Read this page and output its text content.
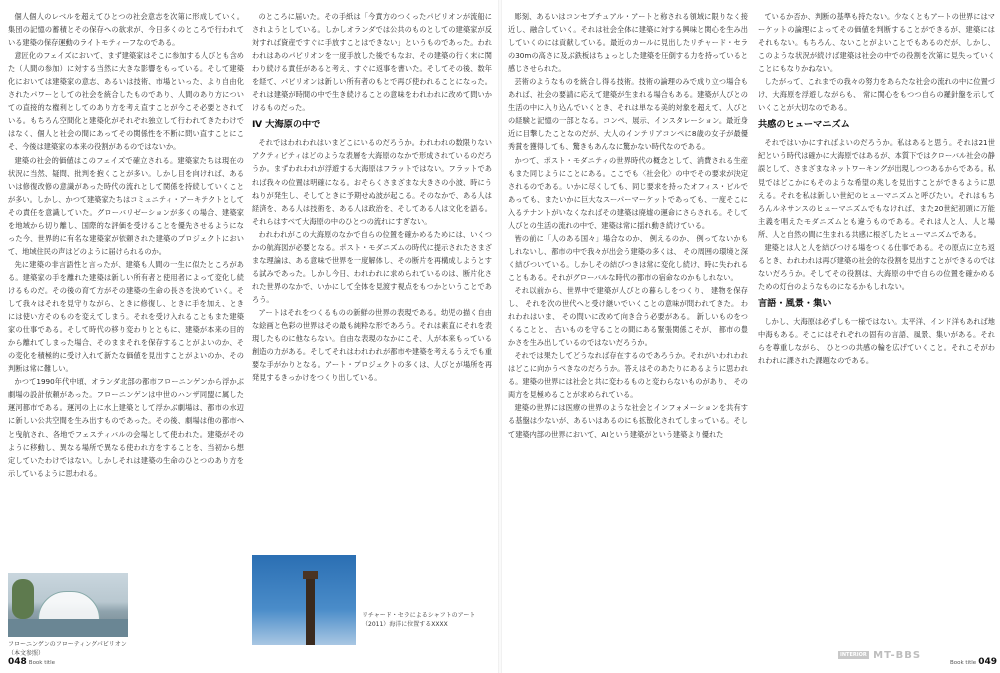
個人個人のレベルを超えてひとつの社会意志を次第に形成していく。集団の記憶の蓄積とその保存への欲求が、今日多くのところで行われている建築の保存運動のライトモティーフなのである。

意匠化のフェイズにおいて、まず建築家はそこに参加する人びとも含めた（人間の参加）に対する当然に大きな影響をもっている。そして建築化においては建築家の意志、あるいは技術、市場といった、より自由化されたパワーとしての社会を統合したものであり、人間のあり方についての直接的な権利としてのあり方を考え直すことが今こそ必要とされている。もちろん空間化と建築化がそれぞれ独立して行われてきたわけではなく、個人と社会の間にあってその関係性を不断に問い直すことにこそ、今後は建築家の本来の役割があるのではないか。

建築の社会的価値はこのフェイズで確立される。建築家たちは現在の状況に当然、疑問、批判を抱くことが多い。しかし目を向ければ、あるいは修復改修の意識があった時代の流れとして関係を持続していくことが多い。しかし、かつて建築家たちはコミュニティ・アーキテクトとしてその責任を意識していた。グローバリゼーションが多くの場合、建築家を地域から切り離し、国際的な評価を受けることを優先させるようになった今、世界的に有名な建築家が依頼された建築のプロジェクトにおいて、地域住民の声はどのように届けられるのか。

先に建築の非言語性と言ったが、建築も人間の一生に似たところがある。建築家の手を離れた建築は新しい所有者と使用者によって変化し続けるものだ。その後の育て方がその建築の生命の長さを決めていく。そして我々はそれを見守りながら、ときに修復し、ときに手を加え、ときには使い方そのものを変えてしまう。それを受け入れることもまた建築家の仕事である。そして時代の移り変わりとともに、建築が本来の目的から離れてしまった場合、そのままそれを保存することがよいのか、その変化を積極的に受け入れて新たな価値を見出すことがよいのか、その判断は常に難しい。

かつて1990年代中頃、オランダ北部の都市フローニンゲンから浮かぶ劇場の設計依頼があった。フローニンゲンは中世のハンザ同盟に属した運河都市である。運河の上に水上建築として浮かぶ劇場は、都市の水辺に新しい公共空間を生み出すものであった。その後、劇場は他の都市へと曳航され、各地でフェスティバルの会場として使われた。建築がそのように移動し、異なる場所で異なる使われ方をすることを、当初から想定していたわけではない。しかしそれは建築の生命のひとつのあり方を示しているように思われる。

のところに届いた。その手紙は「今責方のつくったパビリオンが流船にされようとしている。しかしオランダでは公共のものとしての建築家が反対すれば資産ですぐに手放すことはできない」というものであった。われわれはあのパビリオンを一度手放した後でもなお、その建築の行く末に関わり続ける責任があると考え、すぐに返事を書いた。そしてその後、数年を経て、パビリオンは新しい所有者のもとで再び使われることになった。それは建築が時間の中で生き続けることの意味をわれわれに改めて問いかけるものだった。

Ⅳ 大海原の中で

それではわれわれはいまどこにいるのだろうか。われわれの数限りないアクティビティはどのような表層を大海原のなかで形成されているのだろうか。まずわれわれが浮遊する大海原はフラットではない。フラットであれば我々の位置は明確になる。おそらくさまざまな大きさの小波、時にうねりが発生し、そしてときに予期せぬ波が起こる。そのなかで、ある人は経済を、ある人は技術を、ある人は政治を、そしてある人は文化を語る。それらはすべて大海原の中のひとつの流れにすぎない。

われわれがこの大海原のなかで自らの位置を確かめるためには、いくつかの航海図が必要となる。ポスト・モダニズムの時代に提示されたさまざまな理論は、ある意味で世界を一度解体し、その断片を再構成しようとする試みであった。しかし今日、われわれに求められているのは、断片化された世界のなかで、いかにして全体を見渡す視点をもつかということであろう。

アートはそれをつくるものの新鮮の世界の表現である。幼児の描く自由な絵画と色彩の世界はその最も純粋な形であろう。それは素直にそれを表現したものに他ならない。自由な表現のなかにこそ、人が本来もっている創造の力がある。そしてそれはわれわれが都市や建築を考えるうえでも重要な手がかりとなる。アート・プロジェクトの多くは、人びとが場所を再発見するきっかけをつくり出している。

フローニンゲンのフローティングパビリオン（本文参照）
リチャード・セラによるシャフトのアート（2011）海洋に位置するXXXX
048 Book title

彫刻、あるいはコンセプチュアル・アートと称される領域に限りなく接近し、融合していく。それは社会全体に建築に対する興味と関心を生み出していくのには貢献している。最近のカールに見出したリチャード・セラの30mの高さに及ぶ鉄板はちょっとした建築を圧倒する力を持っていると感じさせられた。

芸術のようなものを統合し得る技術。技術の論理のみで成り立つ場合もあれば、社会の要請に応えて建築が生まれる場合もある。建築が人びとの生活の中に入り込んでいくとき、それは単なる美的対象を超えて、人びとの経験と記憶の一部となる。コンペ、展示、インスタレーション。最近身近に目撃したことなのだが、大人のインテリアコンペに8歳の女子が最優秀賞を獲得しても、驚きもあんなに驚かない時代なのである。

かつて、ポスト・モダニティの世界時代の概念として、消費される生産もまた同じようにことにある。ここでも〈社会化〉の中でその要求が決定されるのである。いかに尽くしても、同じ要求を持ったオフィス・ビルであっても、またいかに巨大なスーパーマーケットであっても、一度そこに入るテナントがいなくなればその建築は廃墟の運命にさらされる。そして人びとの生活の流れの中で、建築は常に揺れ動き続けている。

皆の前に「人のある国々」場合なのか、 例えるのか、 例ってないかもしれないし、都市の中で我々が出会う建築の多くは、 その周囲の環境と深く結びついている。しかしその結びつきは常に変化し続け、時に失われることもある。それがグローバルな時代の都市の宿命なのかもしれない。

それ以前から、世界中で建築が人びとの暮らしをつくり、 建物を保存し、 それを次の世代へと受け継いでいくことの意味が問われてきた。 われわれはいま、 その問いに改めて向き合う必要がある。 新しいものをつくることと、 古いものを守ることの間にある緊張関係こそが、 都市の豊かさを生み出しているのではないだろうか。

それでは果たしてどうなれば存在するのであろうか。それがいわれわれはどこに向かうべきなのだろうか。答えはそのあたりにあるように思われる。建築の世界には社会と共に変わるものと変わらないものがあり、 その両方を見極めることが求められている。

建築の世界には医療の世界のような社会とインフォメーションを共有する基盤は少ないが、あるいはあるのにも拡散化されてしまっている。そして建築内部の世界において、AIという建築がという建築より優れた

ているか否か、判断の基準も持たない。少なくともアートの世界にはマーケットの論理によってその価値を判断することができるが、建築には それもない。もちろん、ないことがよいことでもあるのだが、しかし、このような状況が続けば建築は社会の中での役割を次第に見失っていくことにもなりかねない。

したがって、これまでの我々の努力をあらたな社会の流れの中に位置づけ、大海原を浮遊しながらも、 常に関心をもつつ自らの羅針盤を示していくことが大切なのである。

共感のヒューマニズム

それではいかにすればよいのだろうか。私はあると思う。それは21世紀という時代は確かに大海原ではあるが、本質下ではクローバル社会の静誤として、さまざまなネットワーキングが出現しつつあるからである。私見ではどこかにもそのような希望の兆しを見出すことができるように思える。それを私は新しい世紀のヒューマニズムと呼びたい。それはもちろんルネサンスのヒューマニズムでもなければ、また20世紀初頭に万能主義を唱えたモダニズムとも違うものである。それは人と人、人と場所、人と自然の間に生まれる共感に根ざしたヒューマニズムである。

建築とは人と人を結びつける場をつくる仕事である。その原点に立ち返るとき、われわれは再び建築の社会的な役割を見出すことができるのではないだろうか。そしてその役割は、大海原の中で自らの位置を確かめるための灯台のようなものになるかもしれない。

言語・風景・集い

しかし、大海原は必ずしも一様ではない。太平洋、インド洋もあれば地中海もある。そこにはそれぞれの固有の言語、風景、集いがある。それらを尊重しながら、 ひとつの共感の輪を広げていくこと。それこそがわれわれに課された課題なのである。

INTERIOR MT-BBS
Book title 049
